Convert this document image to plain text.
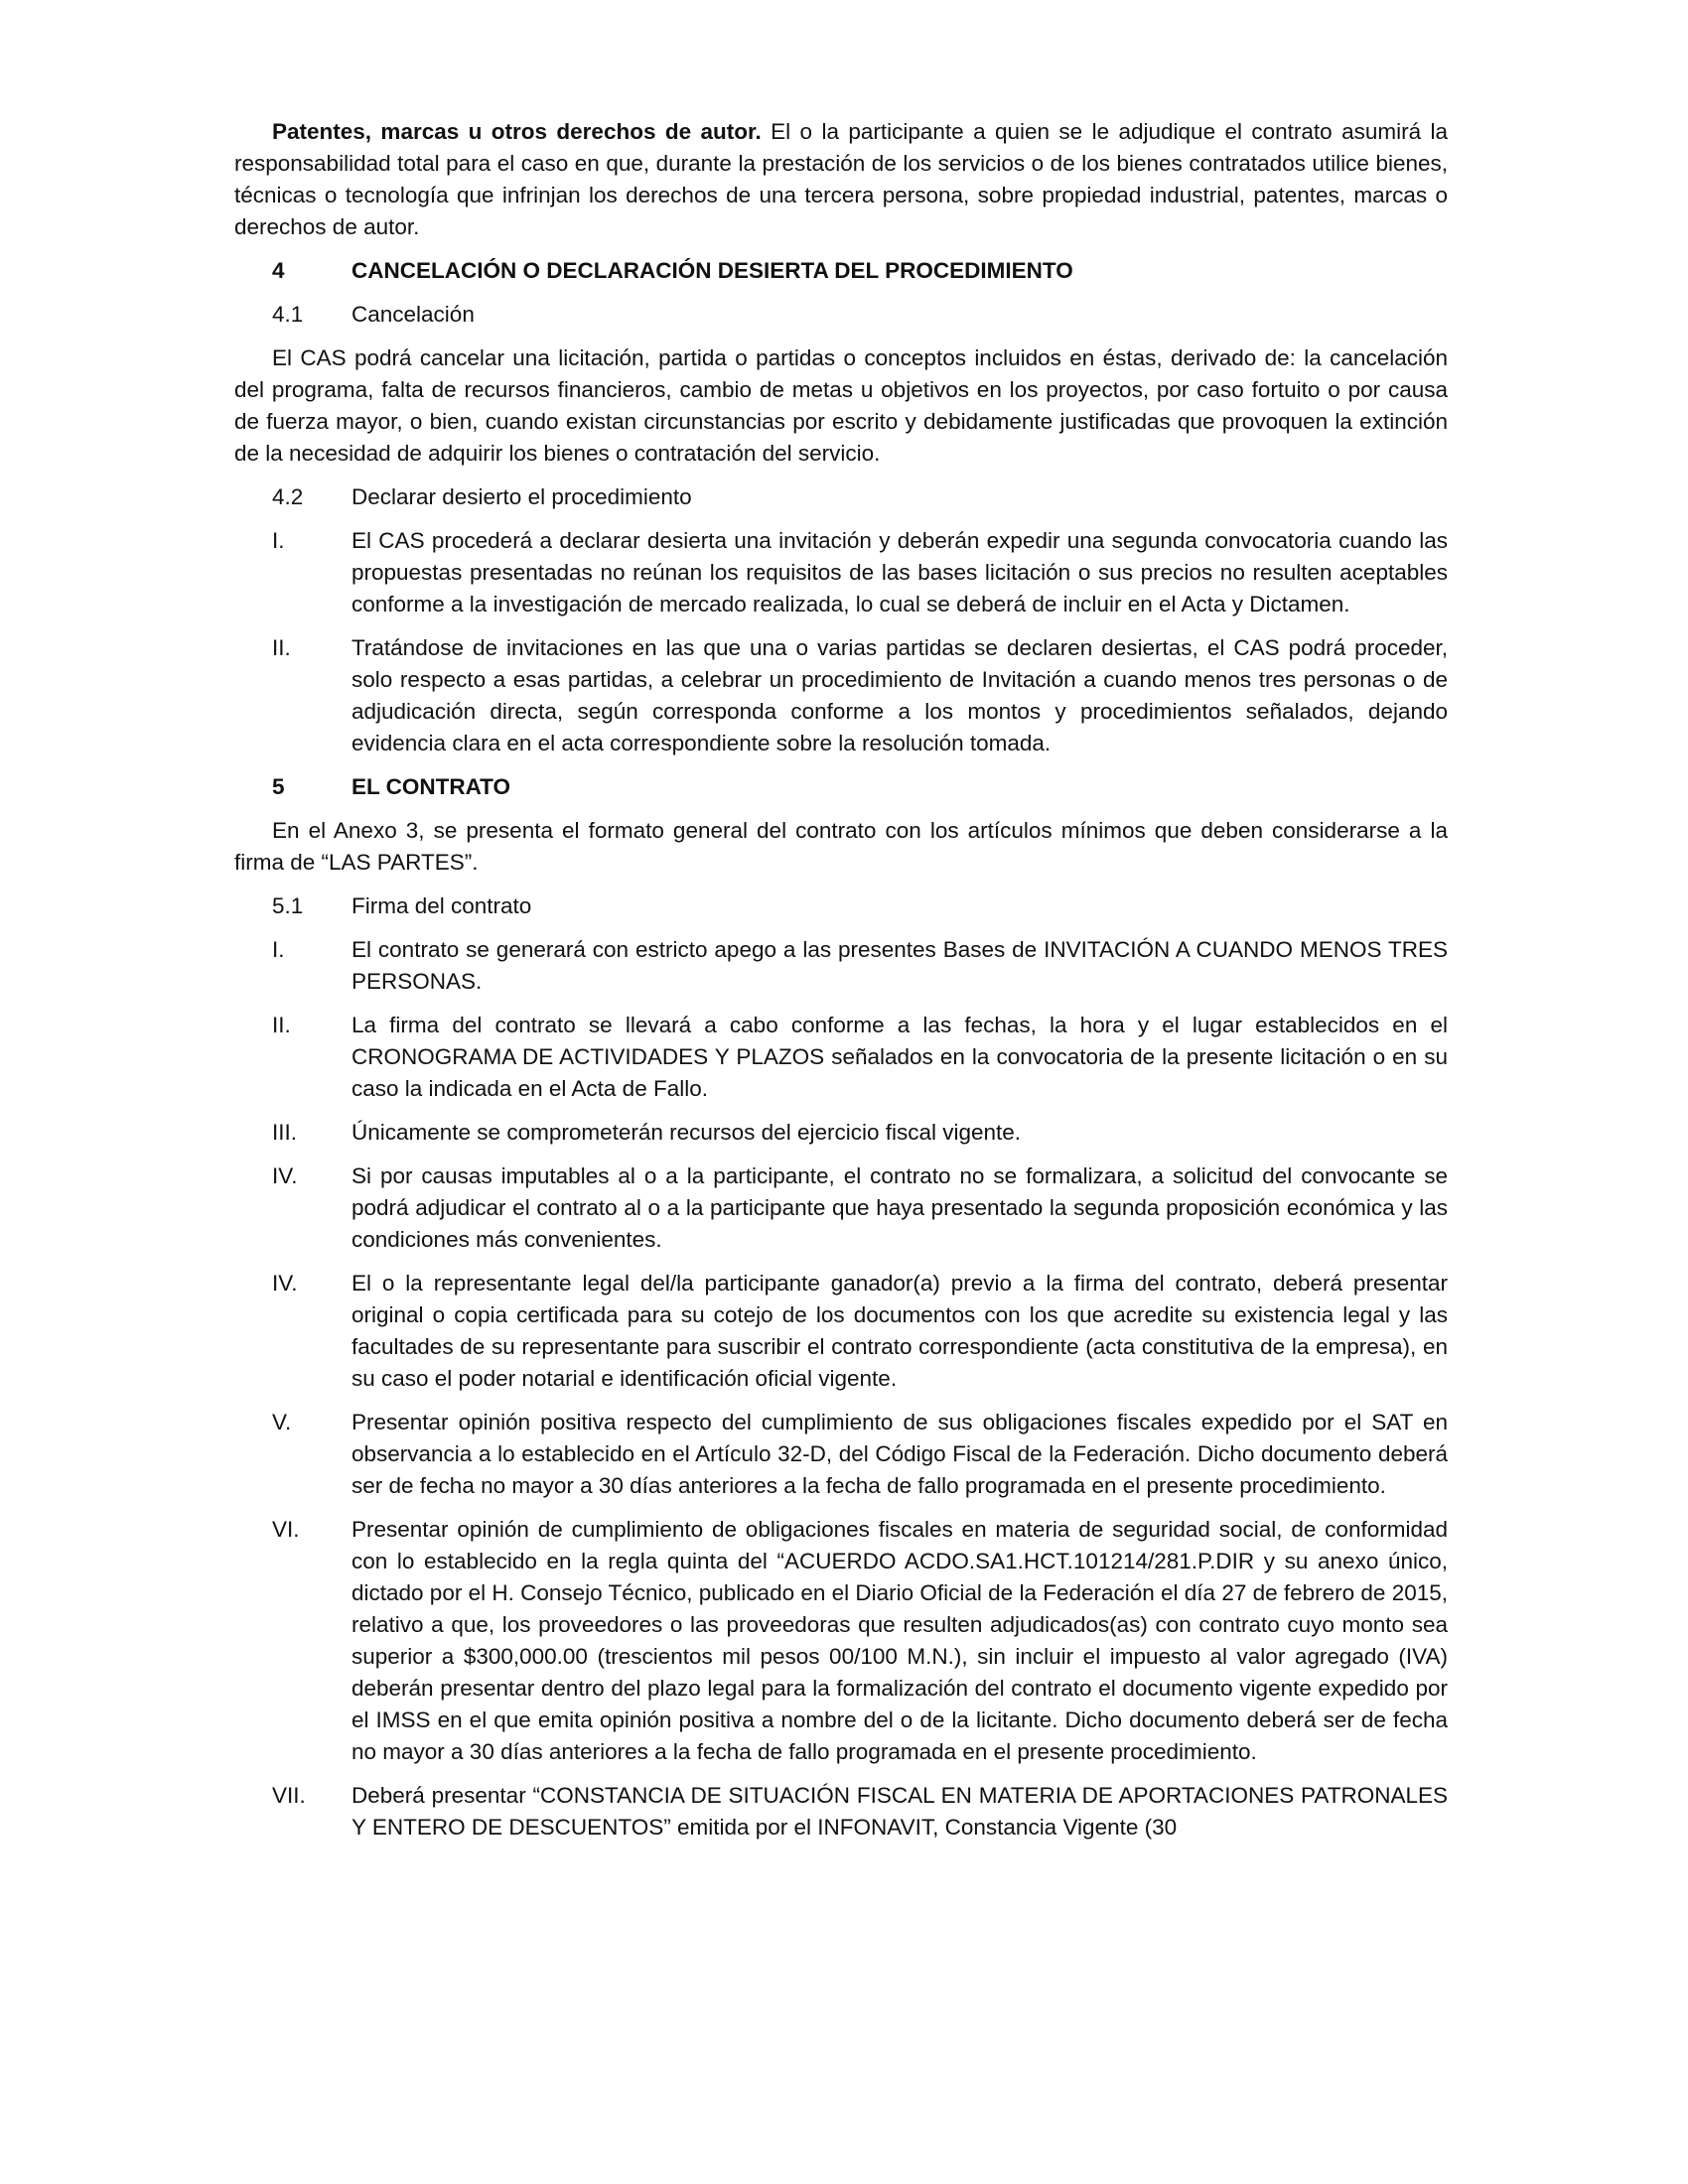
Patentes, marcas u otros derechos de autor. El o la participante a quien se le adjudique el contrato asumirá la responsabilidad total para el caso en que, durante la prestación de los servicios o de los bienes contratados utilice bienes, técnicas o tecnología que infrinjan los derechos de una tercera persona, sobre propiedad industrial, patentes, marcas o derechos de autor.

4	CANCELACIÓN O DECLARACIÓN DESIERTA DEL PROCEDIMIENTO
4.1	Cancelación

El CAS podrá cancelar una licitación, partida o partidas o conceptos incluidos en éstas, derivado de: la cancelación del programa, falta de recursos financieros, cambio de metas u objetivos en los proyectos, por caso fortuito o por causa de fuerza mayor, o bien, cuando existan circunstancias por escrito y debidamente justificadas que provoquen la extinción de la necesidad de adquirir los bienes o contratación del servicio.

4.2	Declarar desierto el procedimiento
I.	El CAS procederá a declarar desierta una invitación y deberán expedir una segunda convocatoria cuando las propuestas presentadas no reúnan los requisitos de las bases licitación o sus precios no resulten aceptables conforme a la investigación de mercado realizada, lo cual se deberá de incluir en el Acta y Dictamen.
II.	Tratándose de invitaciones en las que una o varias partidas se declaren desiertas, el CAS podrá proceder, solo respecto a esas partidas, a celebrar un procedimiento de Invitación a cuando menos tres personas o de adjudicación directa, según corresponda conforme a los montos y procedimientos señalados, dejando evidencia clara en el acta correspondiente sobre la resolución tomada.
5	EL CONTRATO

En el Anexo 3, se presenta el formato general del contrato con los artículos mínimos que deben considerarse a la firma de “LAS PARTES”.

5.1	Firma del contrato
I.	El contrato se generará con estricto apego a las presentes Bases de INVITACIÓN A CUANDO MENOS TRES PERSONAS.
II.	La firma del contrato se llevará a cabo conforme a las fechas, la hora y el lugar establecidos en el CRONOGRAMA DE ACTIVIDADES Y PLAZOS señalados en la convocatoria de la presente licitación o en su caso la indicada en el Acta de Fallo.
III.	Únicamente se comprometerán recursos del ejercicio fiscal vigente.
IV.	Si por causas imputables al o a la participante, el contrato no se formalizara, a solicitud del convocante se podrá adjudicar el contrato al o a la participante que haya presentado la segunda proposición económica y las condiciones más convenientes.
IV.	El o la representante legal del/la participante ganador(a) previo a la firma del contrato, deberá presentar original o copia certificada para su cotejo de los documentos con los que acredite su existencia legal y las facultades de su representante para suscribir el contrato correspondiente (acta constitutiva de la empresa), en su caso el poder notarial e identificación oficial vigente.
V.	Presentar opinión positiva respecto del cumplimiento de sus obligaciones fiscales expedido por el SAT en observancia a lo establecido en el Artículo 32-D, del Código Fiscal de la Federación. Dicho documento deberá ser de fecha no mayor a 30 días anteriores a la fecha de fallo programada en el presente procedimiento.
VI.	Presentar opinión de cumplimiento de obligaciones fiscales en materia de seguridad social, de conformidad con lo establecido en la regla quinta del “ACUERDO ACDO.SA1.HCT.101214/281.P.DIR y su anexo único, dictado por el H. Consejo Técnico, publicado en el Diario Oficial de la Federación el día 27 de febrero de 2015, relativo a que, los proveedores o las proveedoras que resulten adjudicados(as) con contrato cuyo monto sea superior a $300,000.00 (trescientos mil pesos 00/100 M.N.), sin incluir el impuesto al valor agregado (IVA) deberán presentar dentro del plazo legal para la formalización del contrato el documento vigente expedido por el IMSS en el que emita opinión positiva a nombre del o de la licitante. Dicho documento deberá ser de fecha no mayor a 30 días anteriores a la fecha de fallo programada en el presente procedimiento.
VII.	Deberá presentar “CONSTANCIA DE SITUACIÓN FISCAL EN MATERIA DE APORTACIONES PATRONALES Y ENTERO DE DESCUENTOS” emitida por el INFONAVIT, Constancia Vigente (30
